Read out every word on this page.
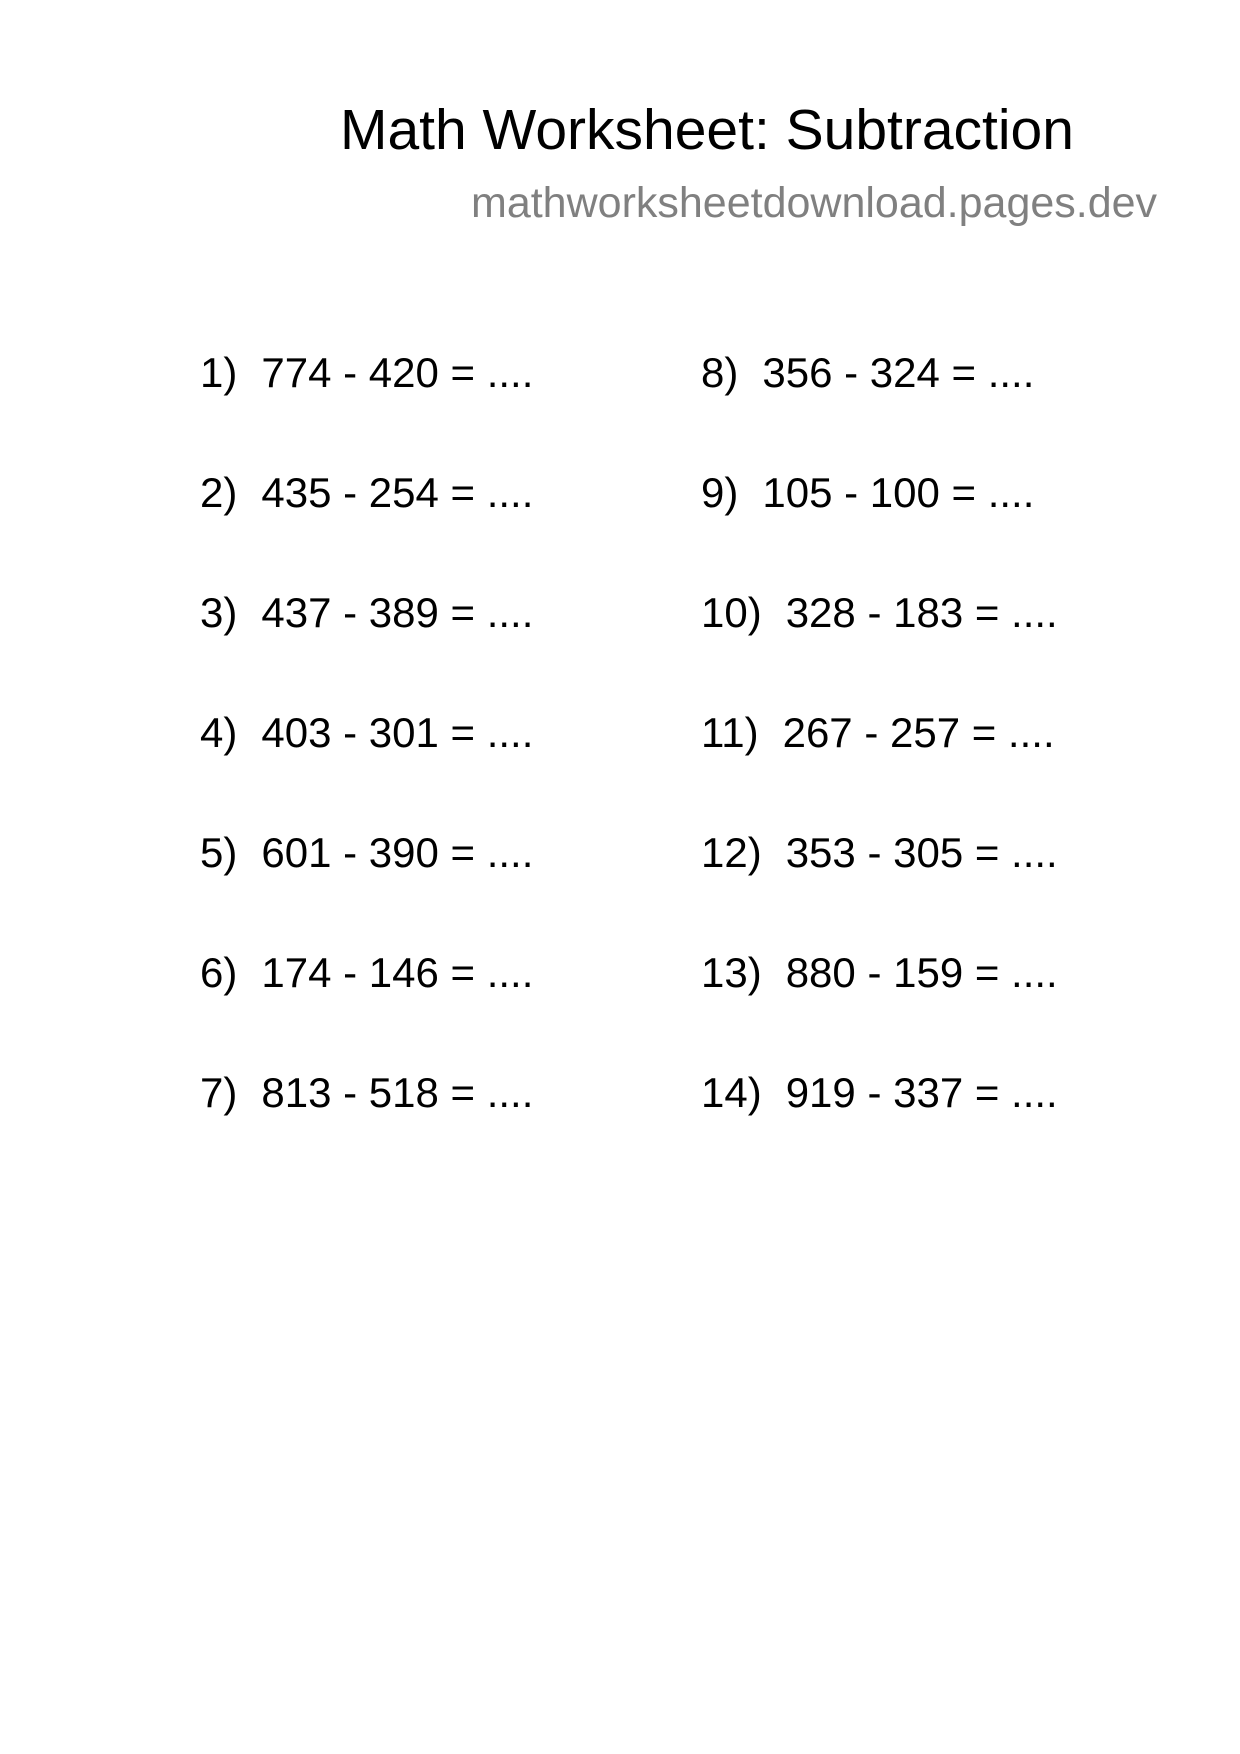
Math Worksheet: Subtraction
mathworksheetdownload.pages.dev
1) 774 - 420 = ....
2) 435 - 254 = ....
3) 437 - 389 = ....
4) 403 - 301 = ....
5) 601 - 390 = ....
6) 174 - 146 = ....
7) 813 - 518 = ....
8) 356 - 324 = ....
9) 105 - 100 = ....
10) 328 - 183 = ....
11) 267 - 257 = ....
12) 353 - 305 = ....
13) 880 - 159 = ....
14) 919 - 337 = ....
